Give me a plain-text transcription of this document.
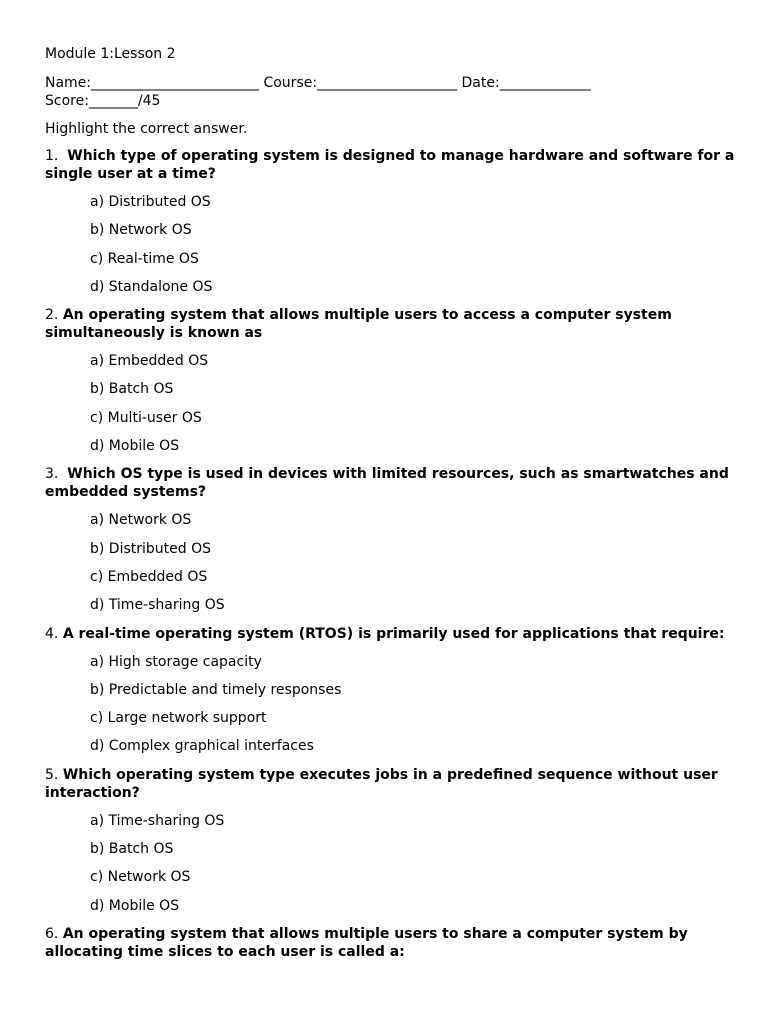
Module 1:Lesson 2
Name:________________________ Course:____________________ Date:_____________
Score:_______/45
Highlight the correct answer.
1.  Which type of operating system is designed to manage hardware and software for a single user at a time?
a) Distributed OS
b) Network OS
c) Real-time OS
d) Standalone OS
2. An operating system that allows multiple users to access a computer system simultaneously is known as
a) Embedded OS
b) Batch OS
c) Multi-user OS
d) Mobile OS
3.  Which OS type is used in devices with limited resources, such as smartwatches and embedded systems?
a) Network OS
b) Distributed OS
c) Embedded OS
d) Time-sharing OS
4. A real-time operating system (RTOS) is primarily used for applications that require:
a) High storage capacity
b) Predictable and timely responses
c) Large network support
d) Complex graphical interfaces
5. Which operating system type executes jobs in a predefined sequence without user interaction?
a) Time-sharing OS
b) Batch OS
c) Network OS
d) Mobile OS
6. An operating system that allows multiple users to share a computer system by allocating time slices to each user is called a:
